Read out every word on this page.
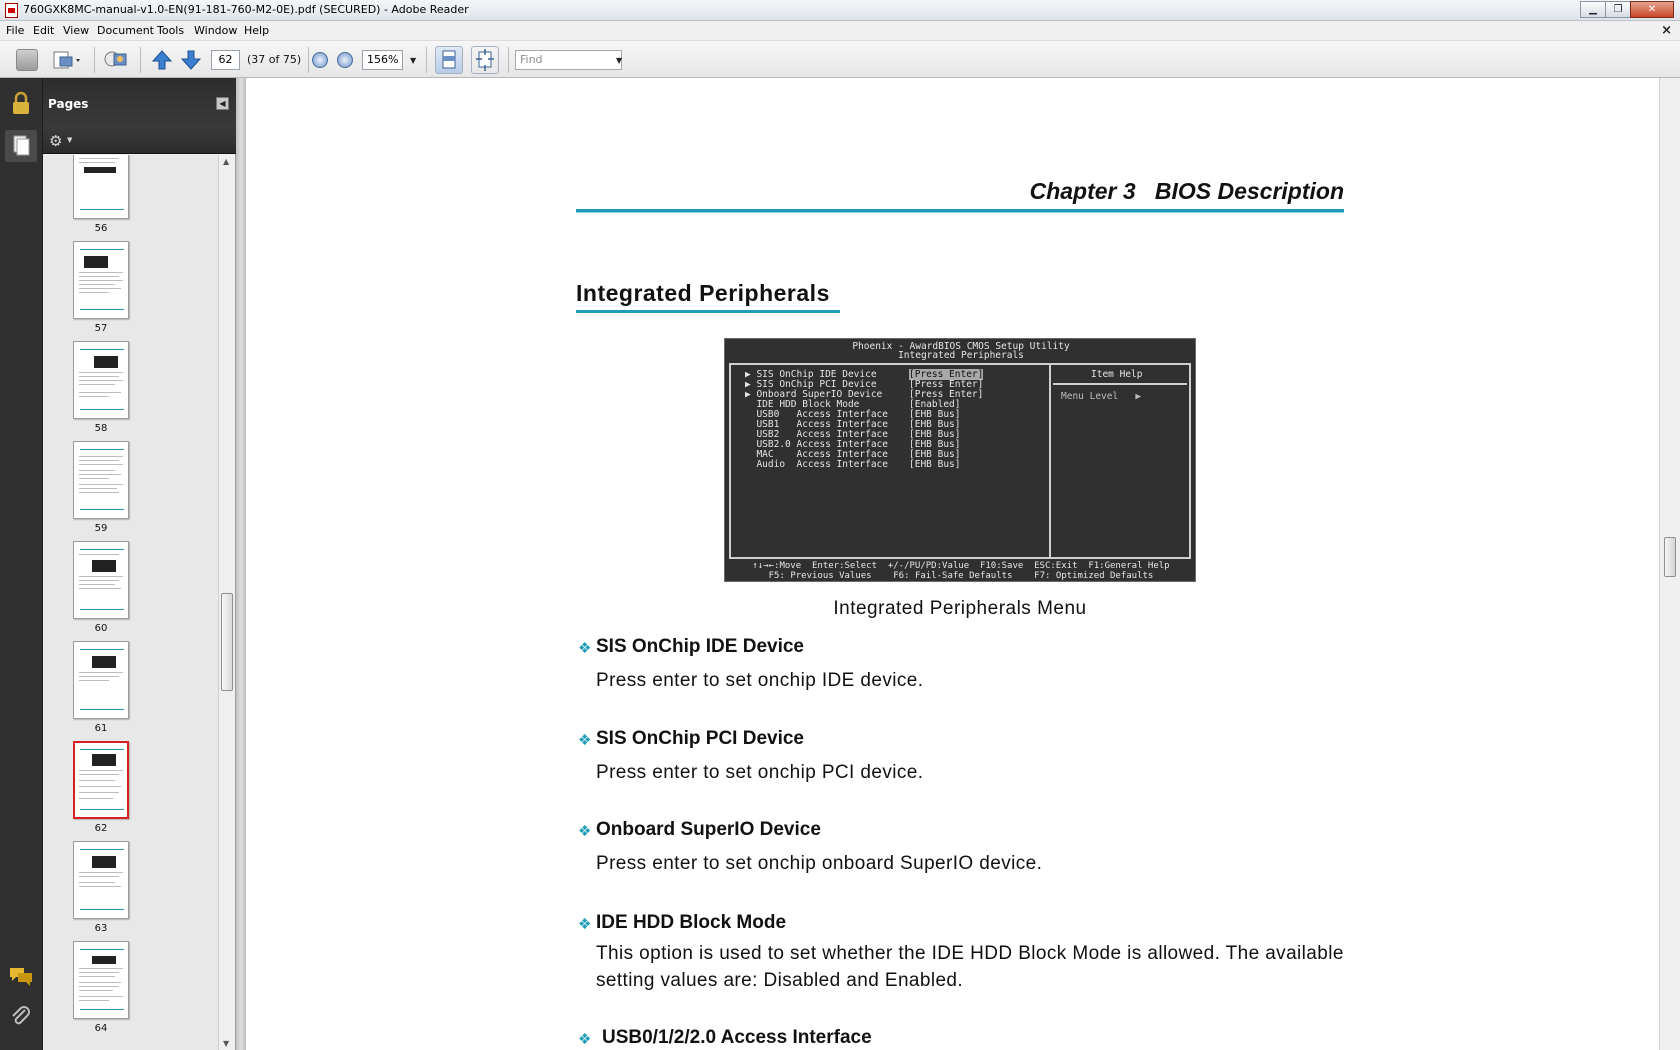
760GXK8MC-manual-v1.0-EN(91-181-760-M2-0E).pdf (SECURED) - Adobe Reader	▁	❐	✕
File Edit View Document Tools Window Help	×
62	(37 of 75)	156%	▼	Find	▼
Pages	◀
⚙ ▼
56
57
58
59
60
61
62
63
64
▲
▼
Chapter 3   BIOS Description
Integrated Peripherals
Phoenix - AwardBIOS CMOS Setup Utility
Integrated Peripherals
Item Help
Menu Level   ▶
▶ SIS OnChip IDE Device	[Press Enter]
▶ SIS OnChip PCI Device	[Press Enter]
▶ Onboard SuperIO Device	[Press Enter]
IDE HDD Block Mode	[Enabled]
USB0   Access Interface [EHB Bus]
USB1   Access Interface [EHB Bus]
USB2   Access Interface [EHB Bus]
USB2.0 Access Interface [EHB Bus]
MAC    Access Interface [EHB Bus]
Audio  Access Interface [EHB Bus]
↑↓→←:Move  Enter:Select  +/-/PU/PD:Value  F10:Save  ESC:Exit  F1:General Help
F5: Previous Values    F6: Fail-Safe Defaults    F7: Optimized Defaults
Integrated Peripherals Menu
❖ SIS OnChip IDE Device
Press enter to set onchip IDE device.
❖ SIS OnChip PCI Device
Press enter to set onchip PCI device.
❖ Onboard SuperIO Device
Press enter to set onchip onboard SuperIO device.
❖ IDE HDD Block Mode
This option is used to set whether the IDE HDD Block Mode is allowed. The available setting values are: Disabled and Enabled.
❖ USB0/1/2/2.0 Access Interface
